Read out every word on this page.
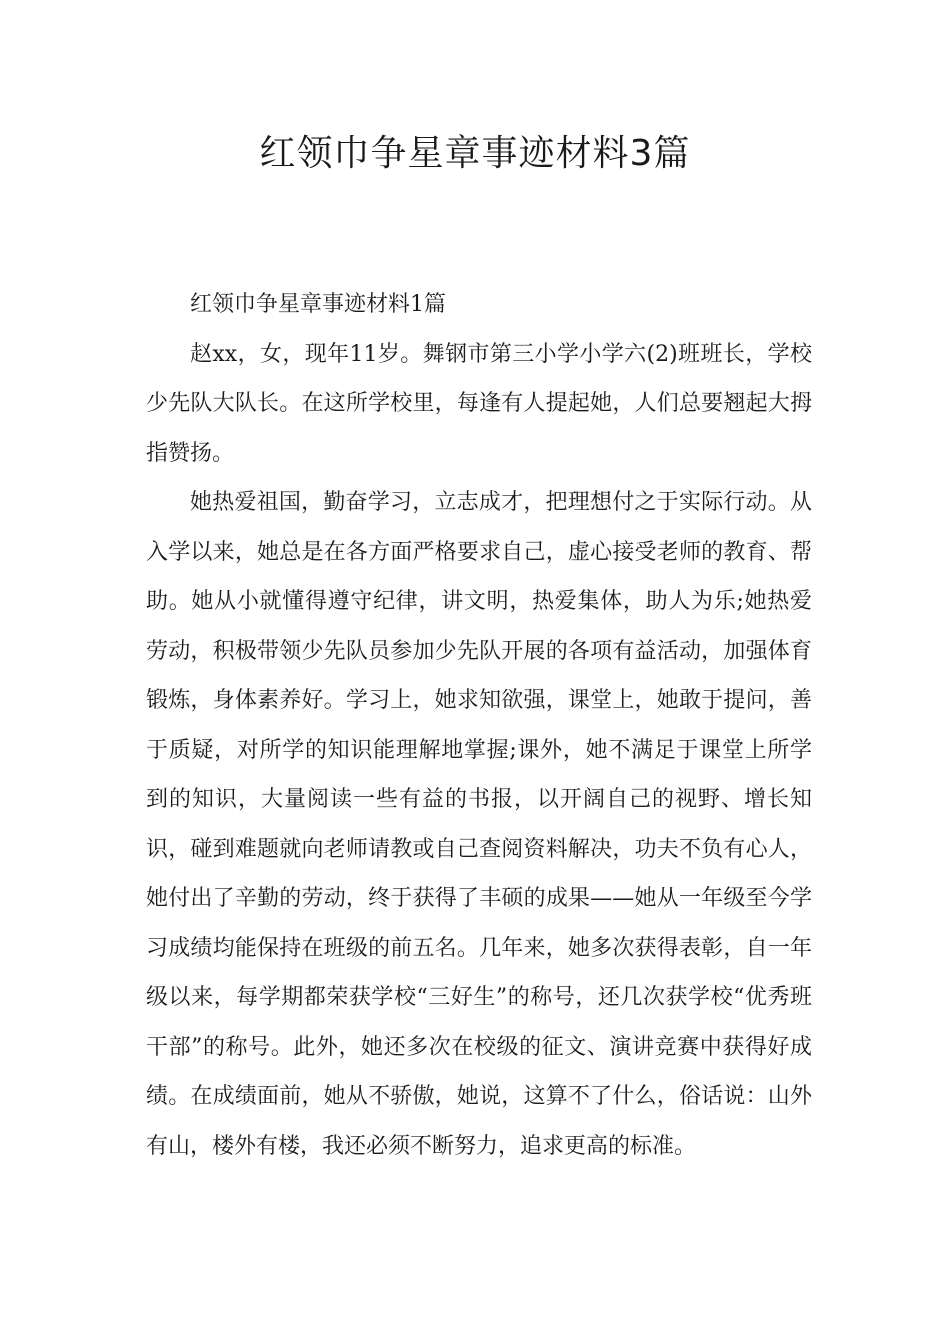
红领巾争星章事迹材料3篇
红领巾争星章事迹材料1篇

赵xx，女，现年11岁。舞钢市第三小学小学六(2)班班长，学校少先队大队长。在这所学校里，每逢有人提起她，人们总要翘起大拇指赞扬。

她热爱祖国，勤奋学习，立志成才，把理想付之于实际行动。从入学以来，她总是在各方面严格要求自己，虚心接受老师的教育、帮助。她从小就懂得遵守纪律，讲文明，热爱集体，助人为乐;她热爱劳动，积极带领少先队员参加少先队开展的各项有益活动，加强体育锻炼，身体素养好。学习上，她求知欲强，课堂上，她敢于提问，善于质疑，对所学的知识能理解地掌握;课外，她不满足于课堂上所学到的知识，大量阅读一些有益的书报，以开阔自己的视野、增长知识，碰到难题就向老师请教或自己查阅资料解决，功夫不负有心人，她付出了辛勤的劳动，终于获得了丰硕的成果——她从一年级至今学习成绩均能保持在班级的前五名。几年来，她多次获得表彰，自一年级以来，每学期都荣获学校“三好生”的称号，还几次获学校“优秀班干部”的称号。此外，她还多次在校级的征文、演讲竞赛中获得好成绩。在成绩面前，她从不骄傲，她说，这算不了什么，俗话说：山外有山，楼外有楼，我还必须不断努力，追求更高的标准。
